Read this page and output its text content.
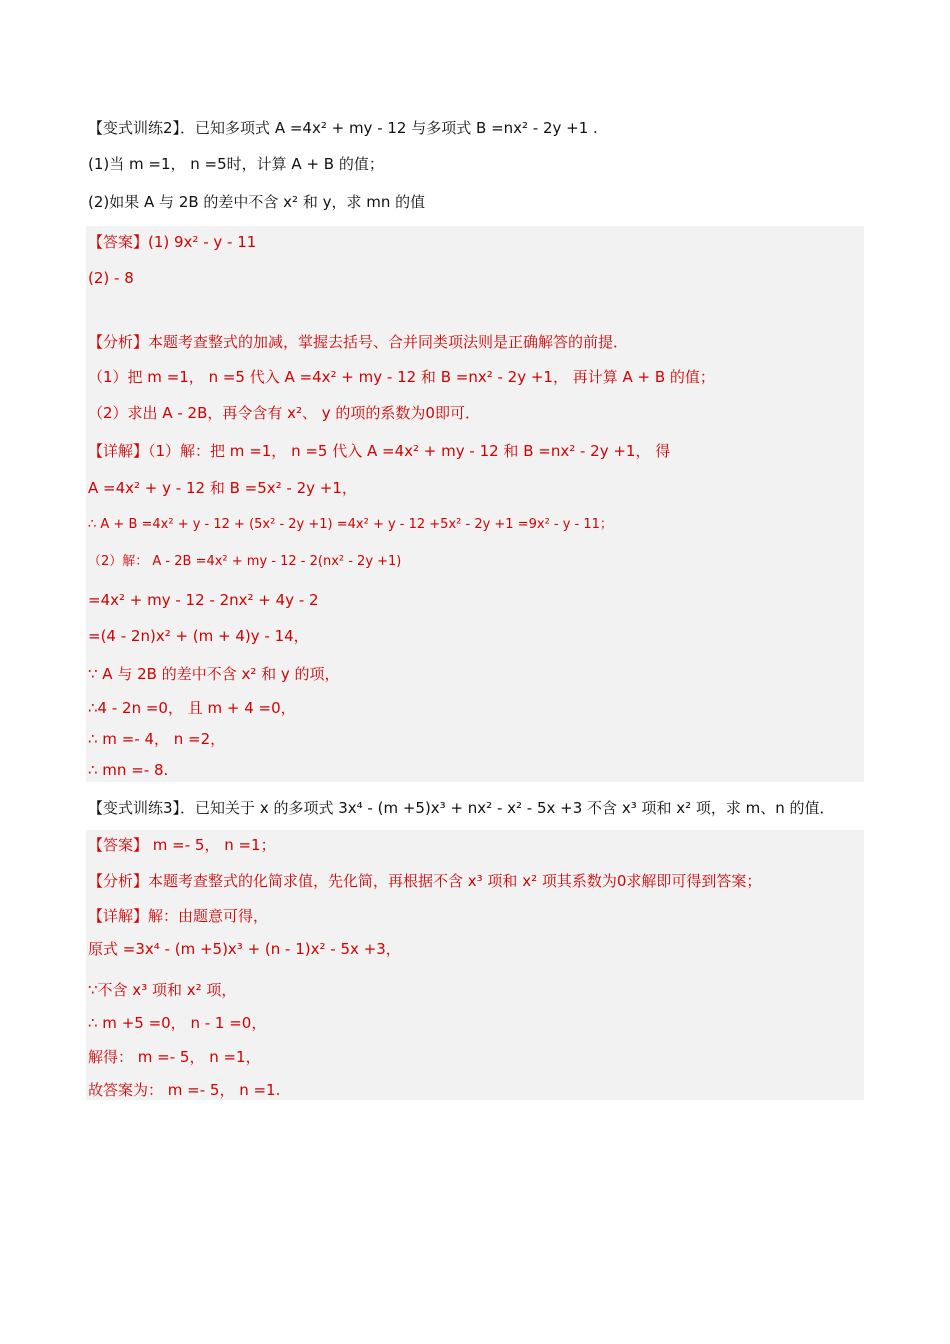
【变式训练2】．已知多项式 A =4x² + my - 12 与多项式 B =nx² - 2y +1 .
(1)当 m =1， n =5时，计算 A + B 的值；
(2)如果 A 与 2B 的差中不含 x² 和 y，求 mn 的值
【答案】(1) 9x² - y - 11
(2) - 8
【分析】本题考查整式的加减，掌握去括号、合并同类项法则是正确解答的前提．
（1）把 m =1， n =5 代入 A =4x² + my - 12 和 B =nx² - 2y +1， 再计算 A + B 的值；
（2）求出 A - 2B，再令含有 x²、 y 的项的系数为0即可．
【详解】（1）解：把 m =1， n =5 代入 A =4x² + my - 12 和 B =nx² - 2y +1， 得
A =4x² + y - 12 和 B =5x² - 2y +1，
∴ A + B =4x² + y - 12 + (5x² - 2y +1) =4x² + y - 12 +5x² - 2y +1 =9x² - y - 11；
（2）解： A - 2B =4x² + my - 12 - 2(nx² - 2y +1)
=4x² + my - 12 - 2nx² + 4y - 2
=(4 - 2n)x² + (m + 4)y - 14，
∵ A 与 2B 的差中不含 x² 和 y 的项，
∴4 - 2n =0， 且 m + 4 =0，
∴ m =- 4， n =2，
∴ mn =- 8.
【变式训练3】．已知关于 x 的多项式 3x⁴ - (m +5)x³ + nx² - x² - 5x +3 不含 x³ 项和 x² 项，求 m、n 的值．
【答案】 m =- 5， n =1；
【分析】本题考查整式的化简求值，先化简，再根据不含 x³ 项和 x² 项其系数为0求解即可得到答案；
【详解】解：由题意可得，
原式 =3x⁴ - (m +5)x³ + (n - 1)x² - 5x +3，
∵不含 x³ 项和 x² 项，
∴ m +5 =0， n - 1 =0，
解得： m =- 5， n =1，
故答案为： m =- 5， n =1.
